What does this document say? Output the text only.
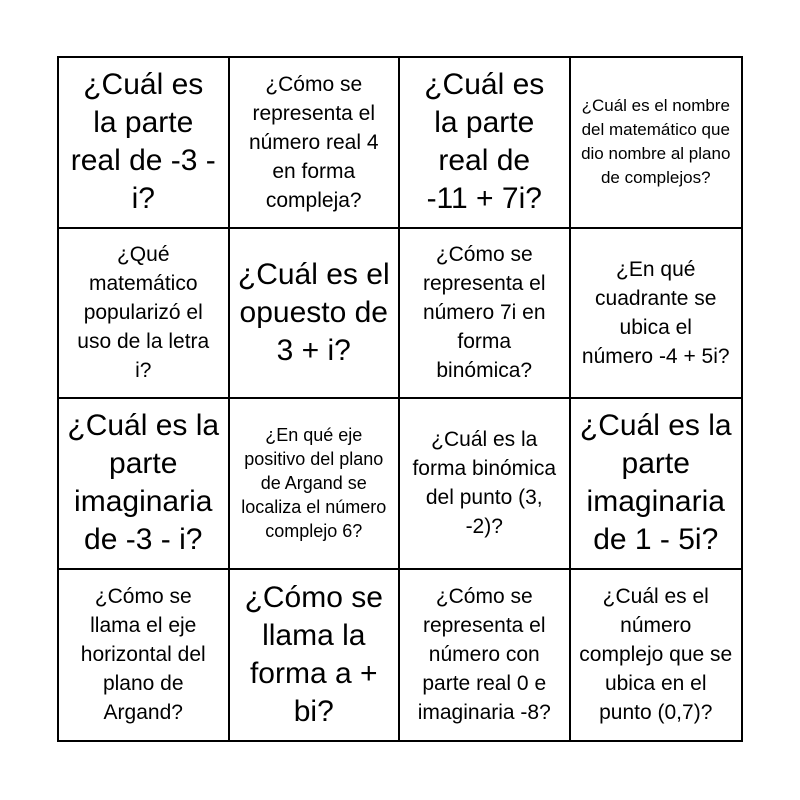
¿Cuál es la parte real de -3 - i?
¿Cómo se representa el número real 4 en forma compleja?
¿Cuál es la parte real de -11 + 7i?
¿Cuál es el nombre del matemático que dio nombre al plano de complejos?
¿Qué matemático popularizó el uso de la letra i?
¿Cuál es el opuesto de 3 + i?
¿Cómo se representa el número 7i en forma binómica?
¿En qué cuadrante se ubica el número -4 + 5i?
¿Cuál es la parte imaginaria de -3 - i?
¿En qué eje positivo del plano de Argand se localiza el número complejo 6?
¿Cuál es la forma binómica del punto (3, -2)?
¿Cuál es la parte imaginaria de 1 - 5i?
¿Cómo se llama el eje horizontal del plano de Argand?
¿Cómo se llama la forma a + bi?
¿Cómo se representa el número con parte real 0 e imaginaria -8?
¿Cuál es el número complejo que se ubica en el punto (0,7)?
